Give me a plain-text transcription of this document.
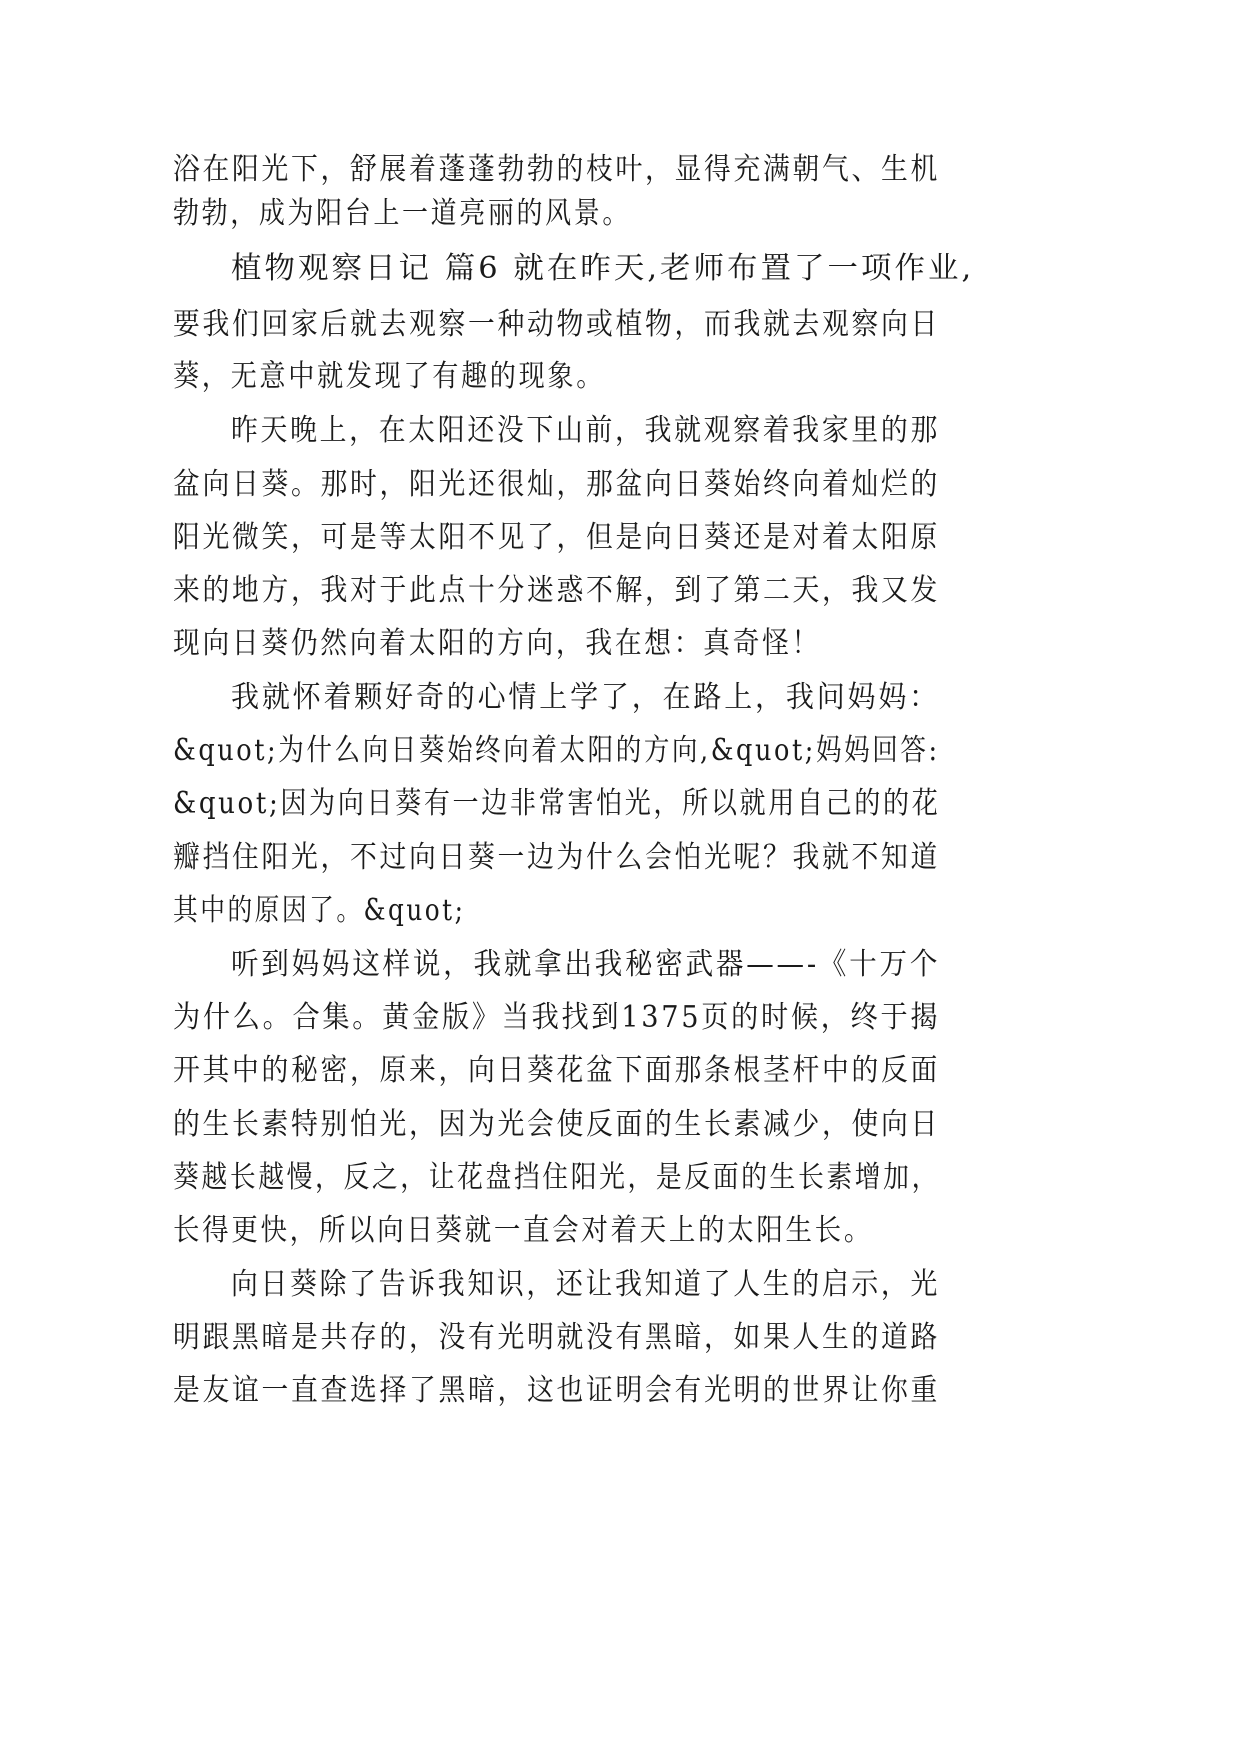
浴在阳光下，舒展着蓬蓬勃勃的枝叶，显得充满朝气、生机
勃勃，成为阳台上一道亮丽的风景。
植物观察日记 篇6 就在昨天,老师布置了一项作业,
要我们回家后就去观察一种动物或植物，而我就去观察向日
葵，无意中就发现了有趣的现象。
昨天晚上，在太阳还没下山前，我就观察着我家里的那
盆向日葵。那时，阳光还很灿，那盆向日葵始终向着灿烂的
阳光微笑，可是等太阳不见了，但是向日葵还是对着太阳原
来的地方，我对于此点十分迷惑不解，到了第二天，我又发
现向日葵仍然向着太阳的方向，我在想：真奇怪！
我就怀着颗好奇的心情上学了，在路上，我问妈妈：
&quot;为什么向日葵始终向着太阳的方向,&quot;妈妈回答:
&quot;因为向日葵有一边非常害怕光，所以就用自己的的花
瓣挡住阳光，不过向日葵一边为什么会怕光呢？我就不知道
其中的原因了。&quot;
听到妈妈这样说，我就拿出我秘密武器——-《十万个
为什么。合集。黄金版》当我找到1375页的时候，终于揭
开其中的秘密，原来，向日葵花盆下面那条根茎杆中的反面
的生长素特别怕光，因为光会使反面的生长素减少，使向日
葵越长越慢，反之，让花盘挡住阳光，是反面的生长素增加，
长得更快，所以向日葵就一直会对着天上的太阳生长。
向日葵除了告诉我知识，还让我知道了人生的启示，光
明跟黑暗是共存的，没有光明就没有黑暗，如果人生的道路
是友谊一直查选择了黑暗，这也证明会有光明的世界让你重
